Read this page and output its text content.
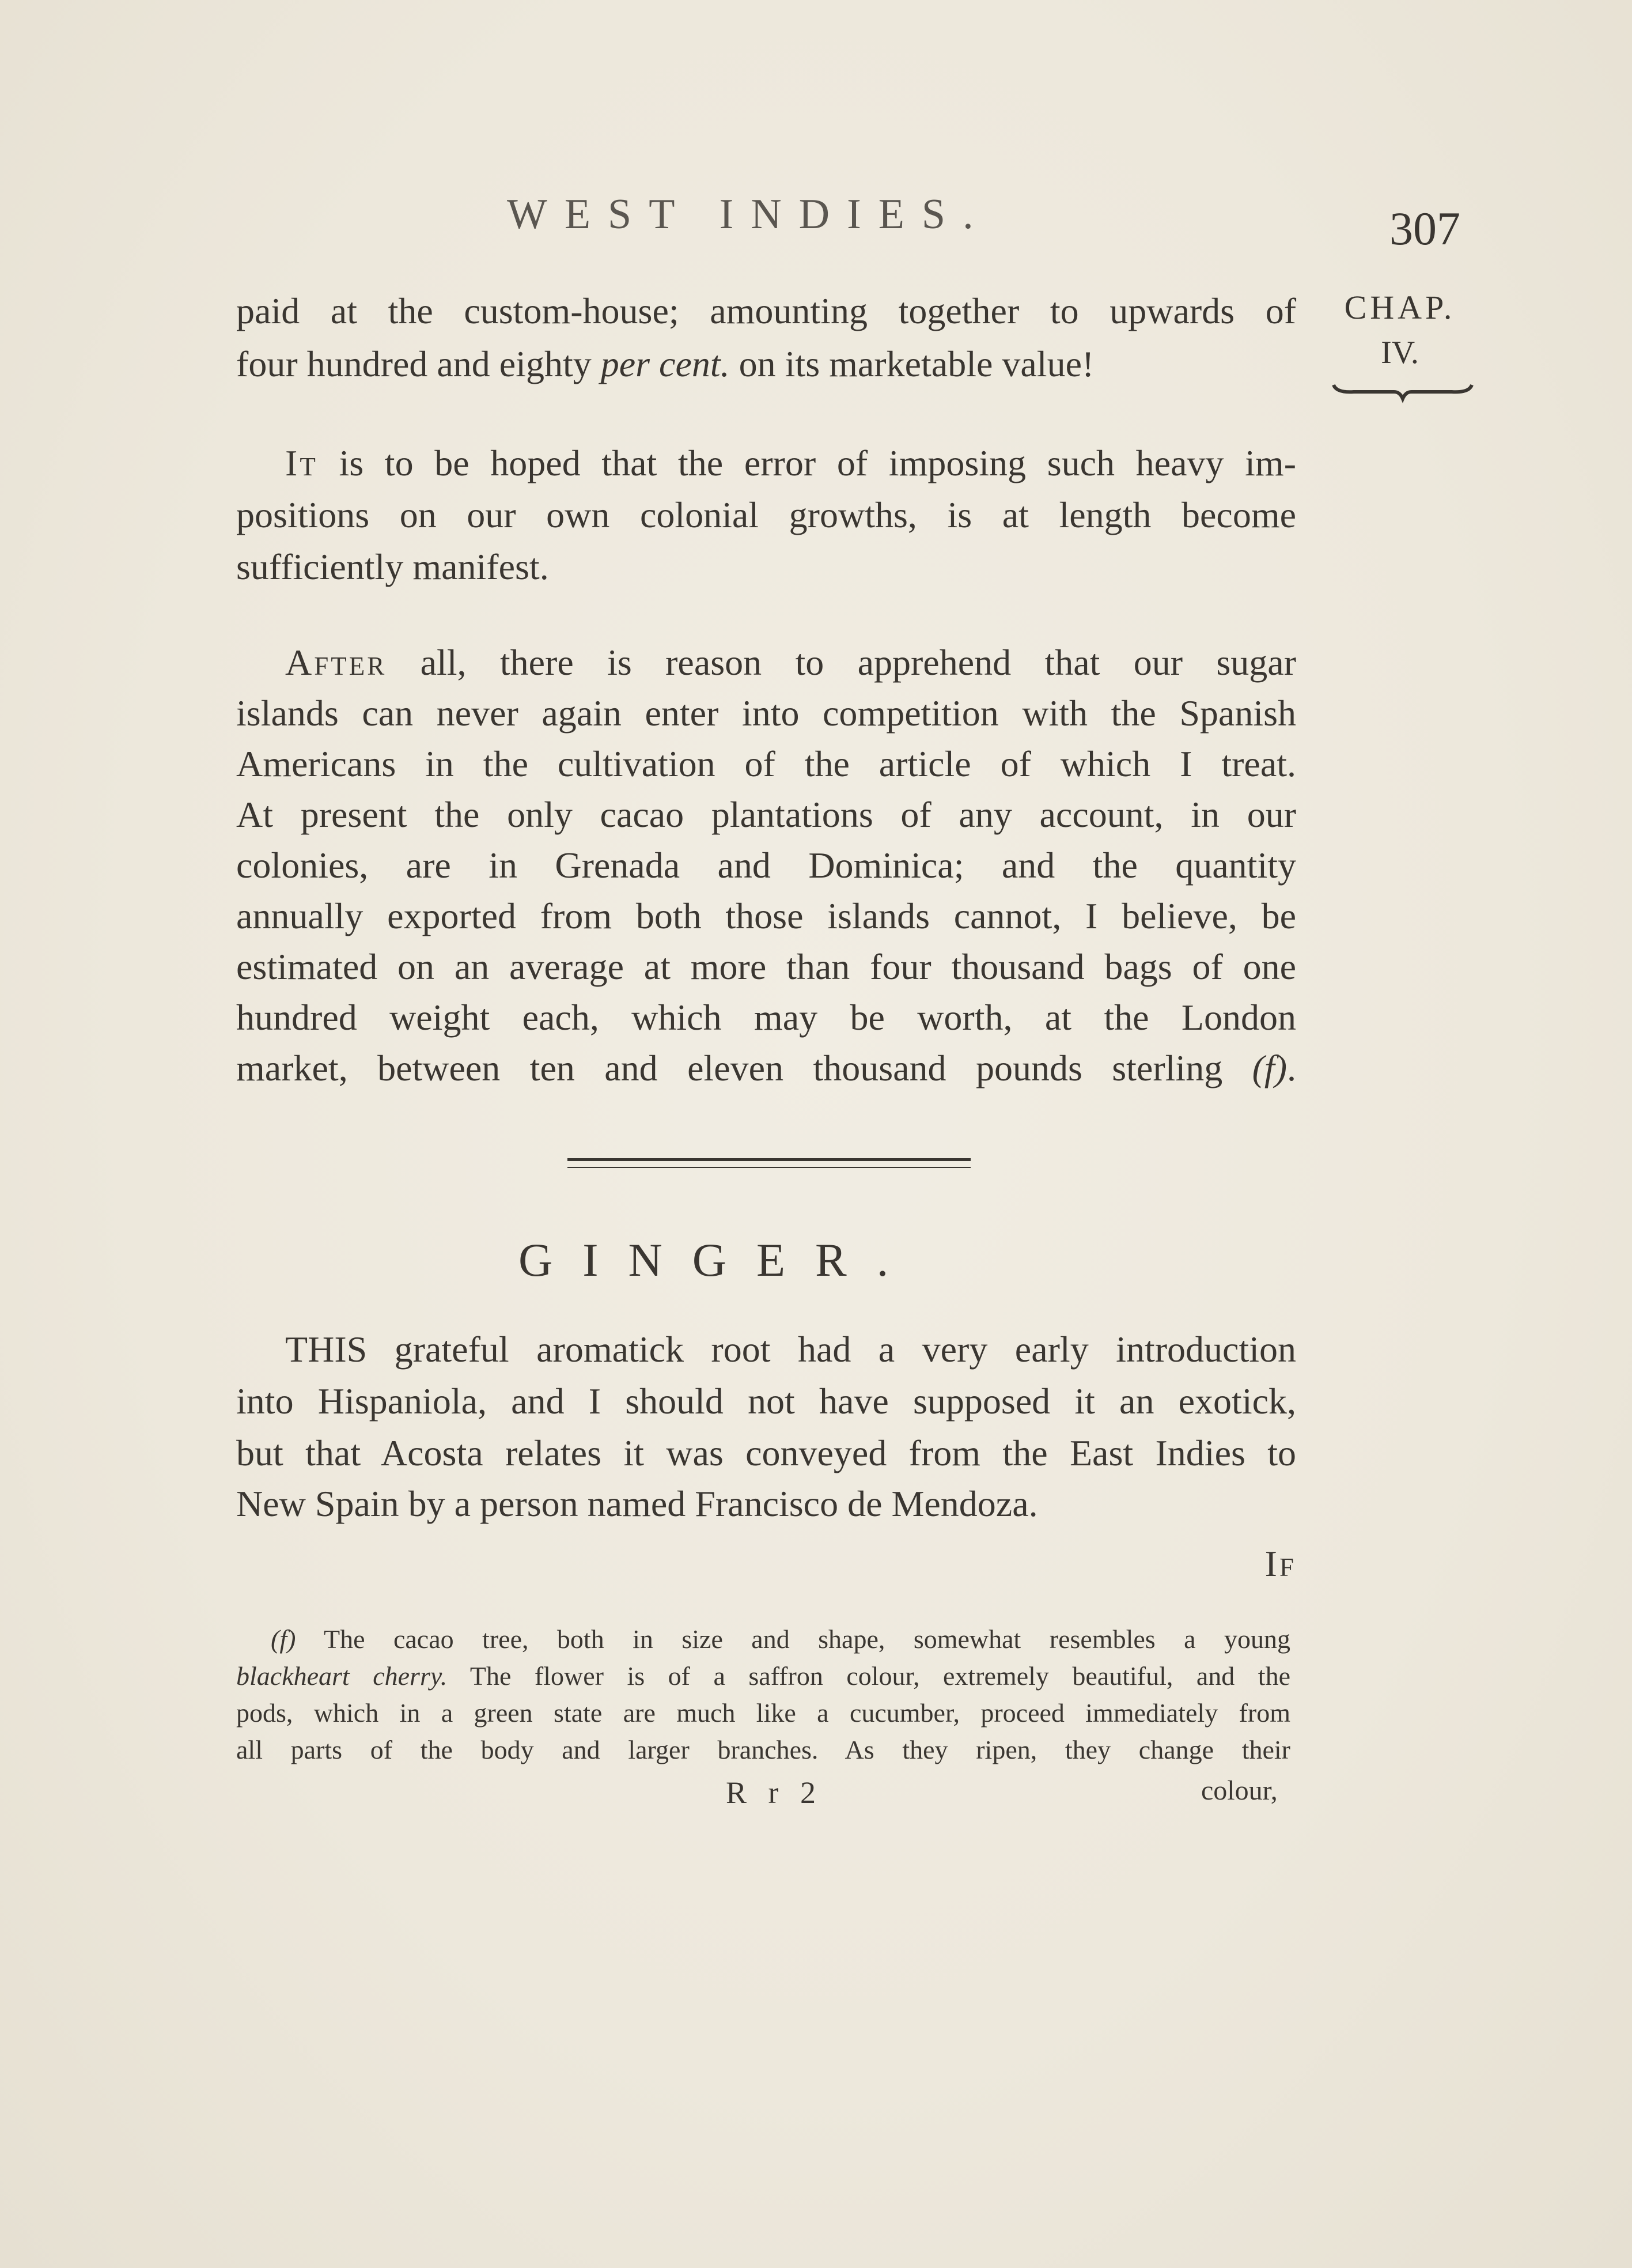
WEST INDIES.	307
CHAP.
IV.
paid at the custom-house; amounting together to upwards of
four hundred and eighty per cent. on its marketable value!
It is to be hoped that the error of imposing such heavy im-
positions on our own colonial growths, is at length become
sufficiently manifest.
After all, there is reason to apprehend that our sugar
islands can never again enter into competition with the Spanish
Americans in the cultivation of the article of which I treat.
At present the only cacao plantations of any account, in our
colonies, are in Grenada and Dominica; and the quantity
annually exported from both those islands cannot, I believe, be
estimated on an average at more than four thousand bags of one
hundred weight each, which may be worth, at the London
market, between ten and eleven thousand pounds sterling (f).
GINGER.
THIS grateful aromatick root had a very early introduction
into Hispaniola, and I should not have supposed it an exotick,
but that Acosta relates it was conveyed from the East Indies to
New Spain by a person named Francisco de Mendoza.
If
(f) The cacao tree, both in size and shape, somewhat resembles a young
blackheart cherry. The flower is of a saffron colour, extremely beautiful, and the
pods, which in a green state are much like a cucumber, proceed immediately from
all parts of the body and larger branches. As they ripen, they change their
R r 2	colour,
